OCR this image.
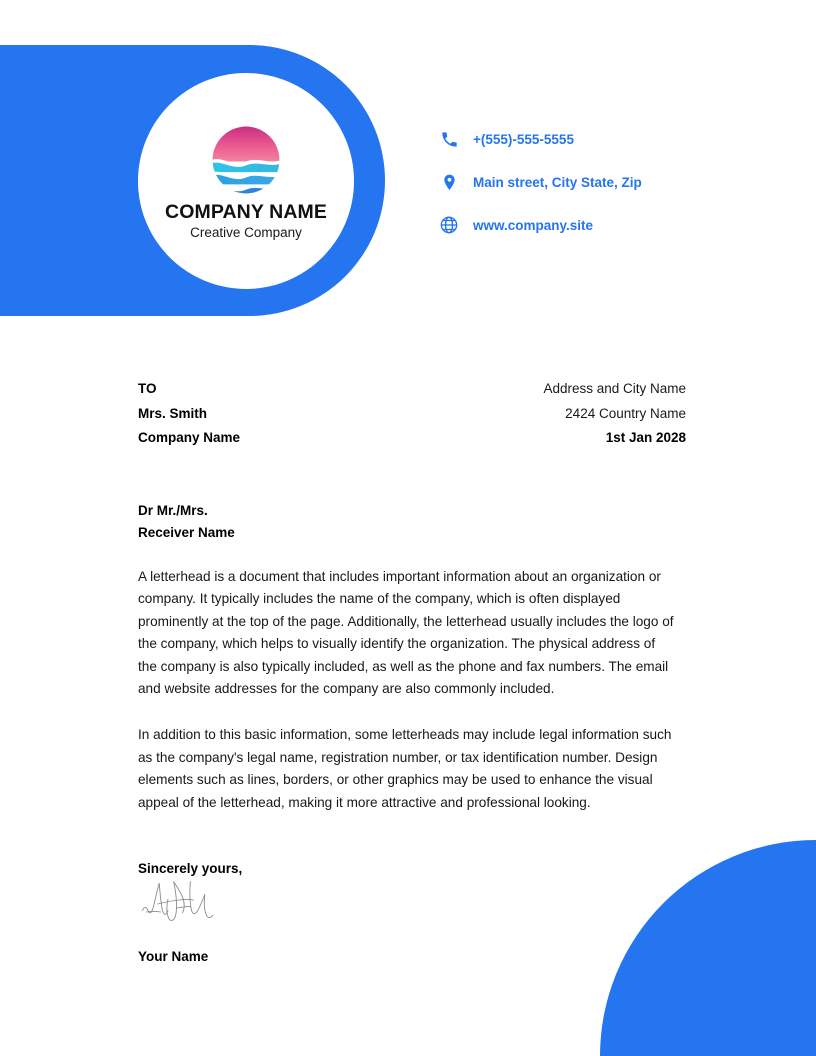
COMPANY NAME
Creative Company
+(555)-555-5555
Main street, City State, Zip
www.company.site
TO
Mrs. Smith
Company Name
Address and City Name
2424 Country Name
1st Jan 2028
Dr Mr./Mrs.
Receiver Name

A letterhead is a document that includes important information about an organization or company. It typically includes the name of the company, which is often displayed prominently at the top of the page. Additionally, the letterhead usually includes the logo of the company, which helps to visually identify the organization. The physical address of the company is also typically included, as well as the phone and fax numbers. The email and website addresses for the company are also commonly included.

In addition to this basic information, some letterheads may include legal information such as the company's legal name, registration number, or tax identification number. Design elements such as lines, borders, or other graphics may be used to enhance the visual appeal of the letterhead, making it more attractive and professional looking.

Sincerely yours,
Your Name
